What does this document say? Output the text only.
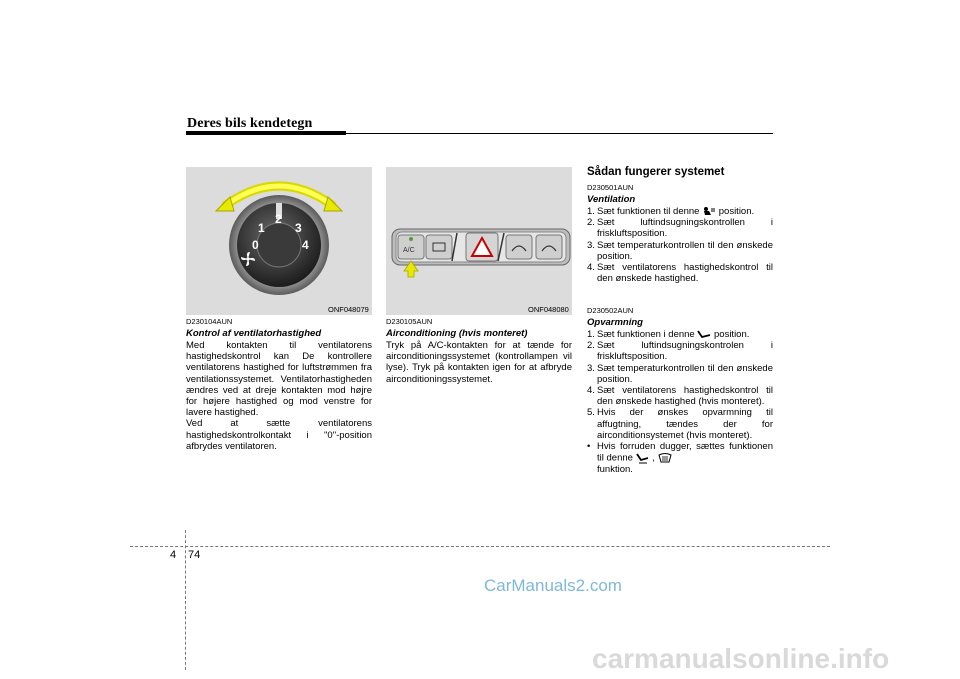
Deres bils kendetegn
0
1
2
3
4
ONF048079
A/C
ONF048080
D230104AUN
Kontrol af ventilatorhastighed

Med kontakten til ventilatorens hastighedskontrol kan De kontrollere ventilatorens hastighed for luftstrømmen fra ventilationssystemet. Ventilatorhastigheden ændres ved at dreje kontakten mod højre for højere hastighed og mod venstre for lavere hastighed.

Ved at sætte ventilatorens hastighedskontrolkontakt i "0"-position afbrydes ventilatoren.

D230105AUN
Airconditioning (hvis monteret)

Tryk på A/C-kontakten for at tænde for airconditioningssystemet (kontrollampen vil lyse). Tryk på kontakten igen for at afbryde airconditioningssystemet.

Sådan fungerer systemet
D230501AUN
Ventilation
1. Sæt funktionen til denne position.
2. Sæt luftindsugningskontrollen i friskluftsposition.
3. Sæt temperaturkontrollen til den ønskede position.
4. Sæt ventilatorens hastighedskontrol til den ønskede hastighed.
D230502AUN
Opvarmning
1. Sæt funktionen i denne position.
2. Sæt luftindsugningskontrolen i friskluftsposition.
3. Sæt temperaturkontrollen til den ønskede position.
4. Sæt ventilatorens hastighedskontrol til den ønskede hastighed (hvis monteret).
5. Hvis der ønskes opvarmning til affugtning, tændes der for airconditionsystemet (hvis monteret).
• Hvis forruden dugger, sættes funktionen til denne ,
funktion.
4 74
CarManuals2.com
carmanualsonline.info
